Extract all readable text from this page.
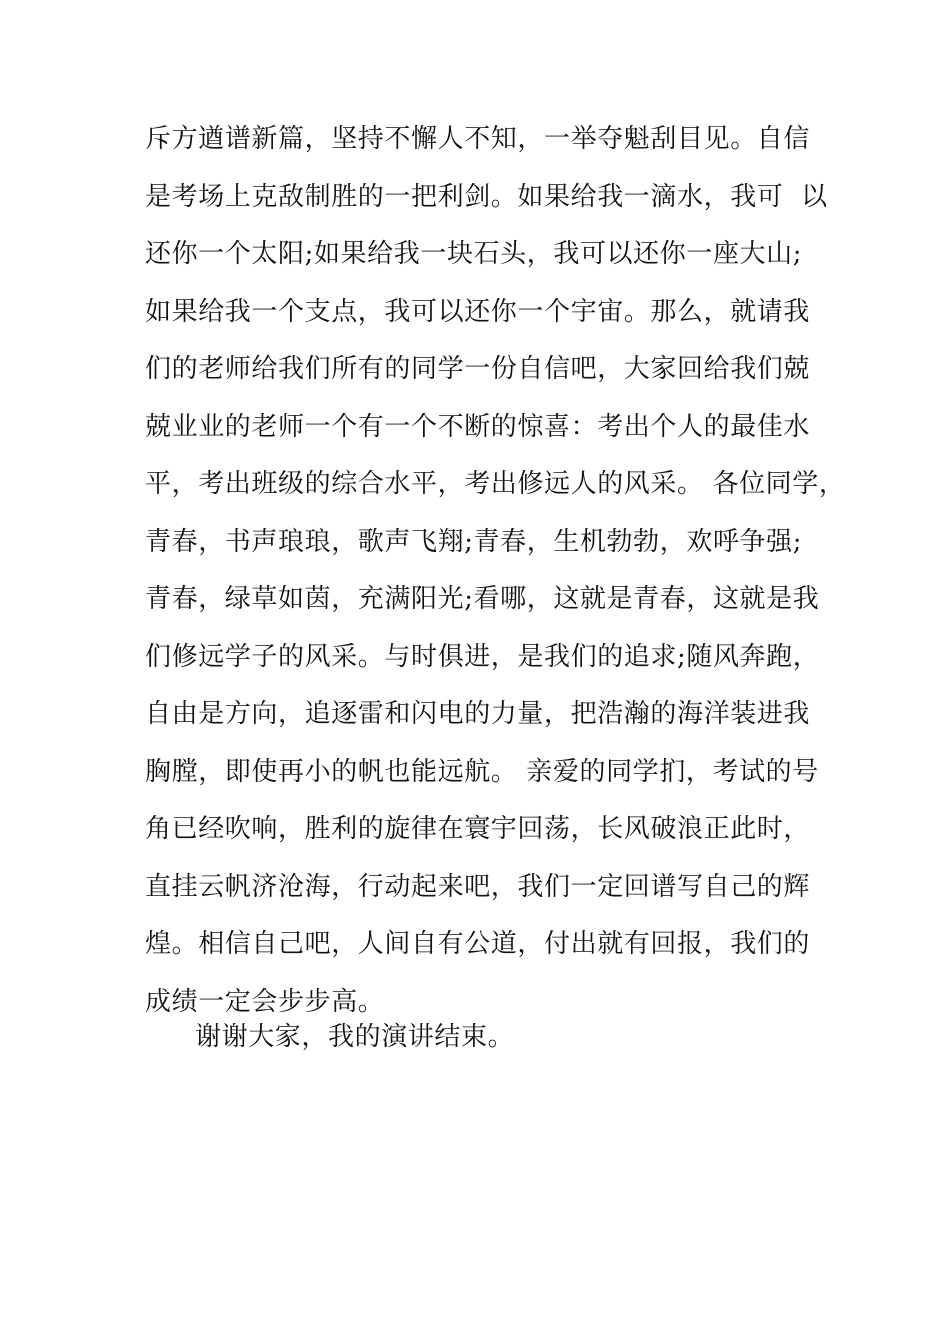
斥方遒谱新篇，坚持不懈人不知，一举夺魁刮目见。自信
是考场上克敌制胜的一把利剑。如果给我一滴水，我可  以
还你一个太阳;如果给我一块石头，我可以还你一座大山;
如果给我一个支点，我可以还你一个宇宙。那么，就请我
们的老师给我们所有的同学一份自信吧，大家回给我们兢
兢业业的老师一个有一个不断的惊喜：考出个人的最佳水
平，考出班级的综合水平，考出修远人的风采。 各位同学，
青春，书声琅琅，歌声飞翔;青春，生机勃勃，欢呼争强;
青春，绿草如茵，充满阳光;看哪，这就是青春，这就是我
们修远学子的风采。与时俱进，是我们的追求;随风奔跑，
自由是方向，追逐雷和闪电的力量，把浩瀚的海洋装进我
胸膛，即使再小的帆也能远航。 亲爱的同学扪，考试的号
角已经吹响，胜利的旋律在寰宇回荡，长风破浪正此时，
直挂云帆济沧海，行动起来吧，我们一定回谱写自己的辉
煌。相信自己吧，人间自有公道，付出就有回报，我们的
成绩一定会步步高。

谢谢大家，我的演讲结束。
